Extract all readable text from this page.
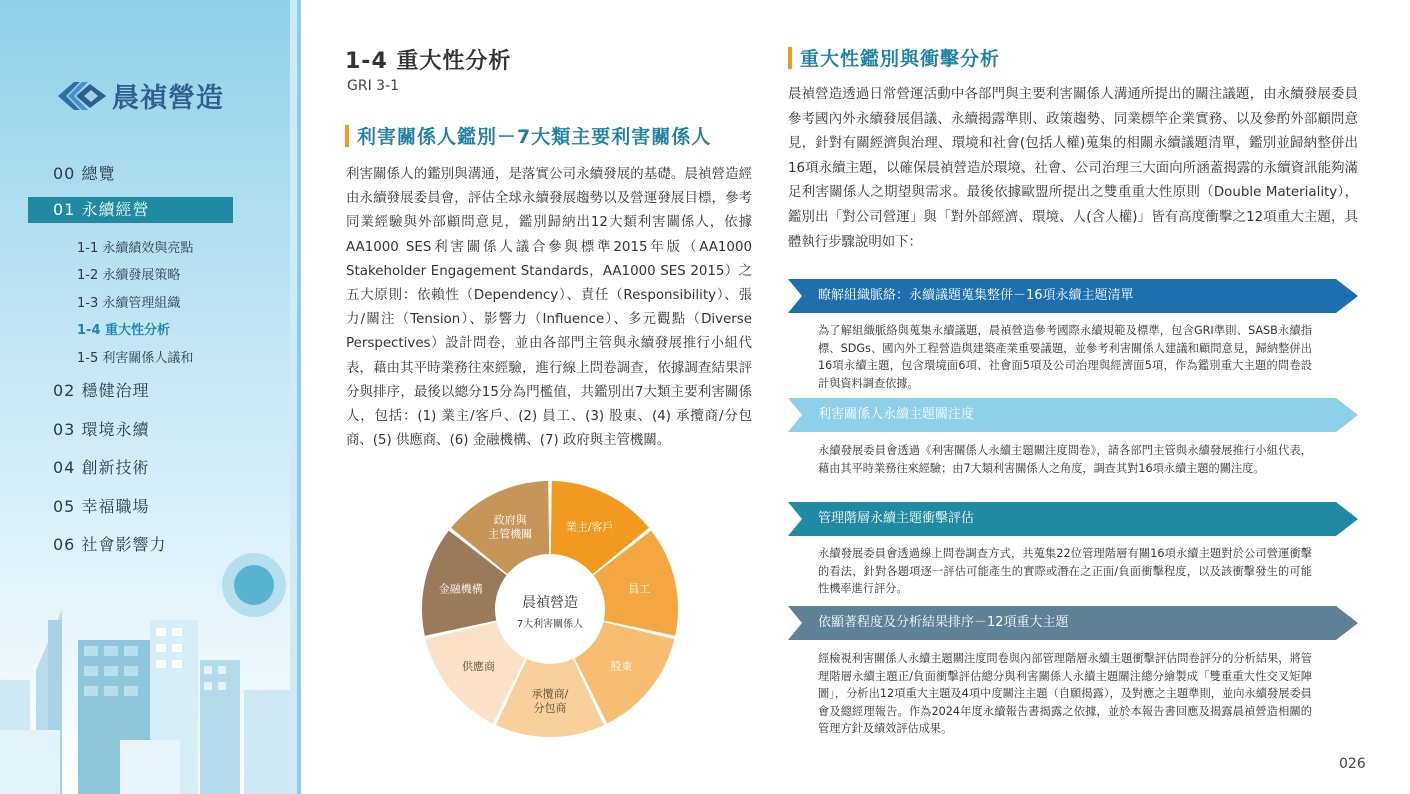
晨禎營造
00 總覽
01 永續經營
1-1 永續績效與亮點
1-2 永續發展策略
1-3 永續管理組織
1-4 重大性分析
1-5 利害關係人議和
02 穩健治理
03 環境永續
04 創新技術
05 幸福職場
06 社會影響力
1-4 重大性分析
GRI 3-1
利害關係人鑑別－7大類主要利害關係人
利害關係人的鑑別與溝通，是落實公司永續發展的基礎。晨禎營造經由永續發展委員會，評估全球永續發展趨勢以及營運發展目標，參考同業經驗與外部顧問意見，鑑別歸納出12大類利害關係人，依據AA1000 SES利害關係人議合參與標準2015年版（AA1000 Stakeholder Engagement Standards，AA1000 SES 2015）之五大原則：依賴性（Dependency）、責任（Responsibility）、張力/關注（Tension）、影響力（Influence）、多元觀點（Diverse Perspectives）設計問卷，並由各部門主管與永續發展推行小組代表，藉由其平時業務往來經驗，進行線上問卷調查，依據調查結果評分與排序，最後以總分15分為門檻值，共鑑別出7大類主要利害關係人，包括：(1) 業主/客戶、(2) 員工、(3) 股東、(4) 承攬商/分包商、(5) 供應商、(6) 金融機構、(7) 政府與主管機關。
業主/客戶
員工
股東
承攬商/分包商
供應商
金融機構
政府與主管機關
晨禎營造
7大利害關係人
重大性鑑別與衝擊分析
晨禎營造透過日常營運活動中各部門與主要利害關係人溝通所提出的關注議題，由永續發展委員參考國內外永續發展倡議、永續揭露準則、政策趨勢、同業標竿企業實務、以及參酌外部顧問意見，針對有關經濟與治理、環境和社會(包括人權)蒐集的相關永續議題清單，鑑別並歸納整併出16項永續主題，以確保晨禎營造於環境、社會、公司治理三大面向所涵蓋揭露的永續資訊能夠滿足利害關係人之期望與需求。最後依據歐盟所提出之雙重重大性原則（Double Materiality），鑑別出「對公司營運」與「對外部經濟、環境、人(含人權)」皆有高度衝擊之12項重大主題，具體執行步驟說明如下：
瞭解組織脈絡：永續議題蒐集整併－16項永續主題清單
為了解組織脈絡與蒐集永續議題，晨禎營造參考國際永續規範及標準，包含GRI準則、SASB永續指標、SDGs、國內外工程營造與建築產業重要議題，並參考利害關係人建議和顧問意見，歸納整併出16項永續主題，包含環境面6項、社會面5項及公司治理與經濟面5項，作為鑑別重大主題的問卷設計與資料調查依據。
利害關係人永續主題關注度
永續發展委員會透過《利害關係人永續主題關注度問卷》，請各部門主管與永續發展推行小組代表，藉由其平時業務往來經驗；由7大類利害關係人之角度，調查其對16項永續主題的關注度。
管理階層永續主題衝擊評估
永續發展委員會透過線上問卷調查方式，共蒐集22位管理階層有關16項永續主題對於公司營運衝擊的看法，針對各題項逐一評估可能產生的實際或潛在之正面/負面衝擊程度，以及該衝擊發生的可能性機率進行評分。
依顯著程度及分析結果排序－12項重大主題
經檢視利害關係人永續主題關注度問卷與內部管理階層永續主題衝擊評估問卷評分的分析結果，將管理階層永續主題正/負面衝擊評估總分與利害關係人永續主題關注總分繪製成「雙重重大性交叉矩陣圖」，分析出12項重大主題及4項中度關注主題（自願揭露），及對應之主題準則，並向永續發展委員會及總經理報告。作為2024年度永續報告書揭露之依據，並於本報告書回應及揭露晨禎營造相關的管理方針及績效評估成果。
026
